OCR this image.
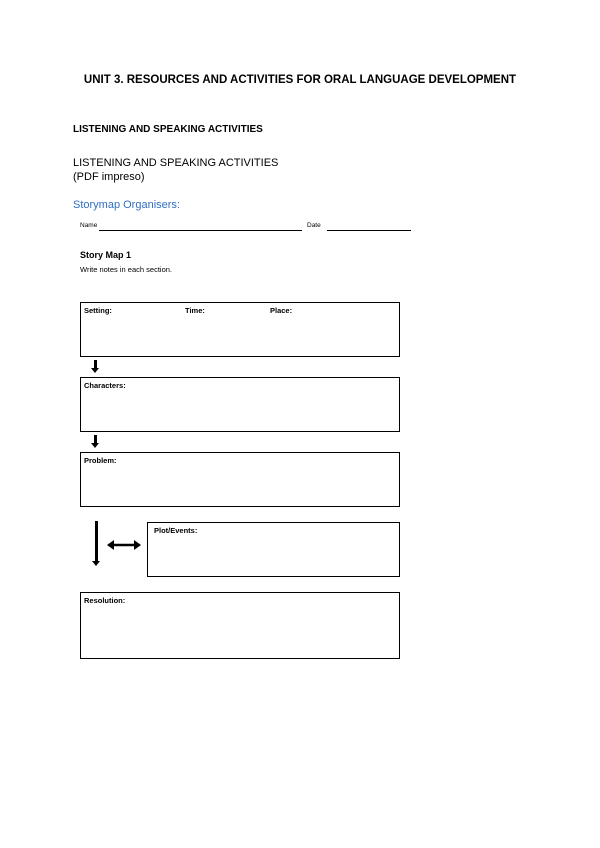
UNIT 3. RESOURCES AND ACTIVITIES FOR ORAL LANGUAGE DEVELOPMENT
LISTENING AND SPEAKING ACTIVITIES
LISTENING AND SPEAKING ACTIVITIES
(PDF impreso)
Storymap Organisers:
Name	Date
Story Map 1
Write notes in each section.
Setting:	Time:	Place:
Characters:
Problem:
Plot/Events:
Resolution:
